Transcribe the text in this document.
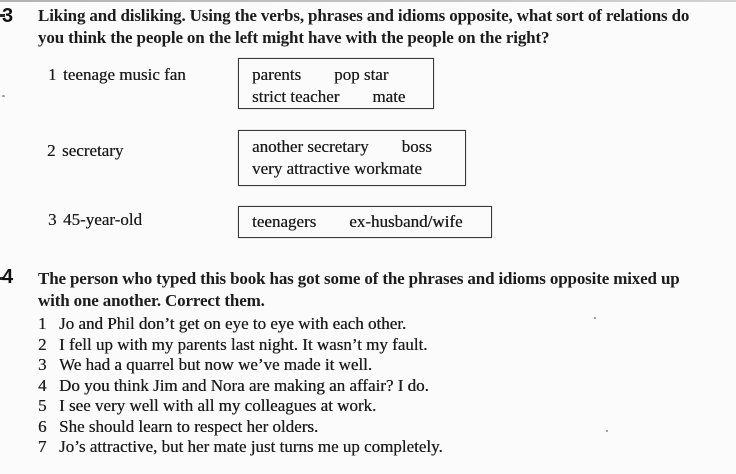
3 Liking and disliking. Using the verbs, phrases and idioms opposite, what sort of relations do
you think the people on the left might have with the people on the right?
1 teenage music fan	parents pop star
strict teacher mate
2 secretary	another secretary boss
very attractive workmate
3 45-year-old	teenagers ex-husband/wife
4 The person who typed this book has got some of the phrases and idioms opposite mixed up
with one another. Correct them.
1 Jo and Phil don’t get on eye to eye with each other.
2 I fell up with my parents last night. It wasn’t my fault.
3 We had a quarrel but now we’ve made it well.
4 Do you think Jim and Nora are making an affair? I do.
5 I see very well with all my colleagues at work.
6 She should learn to respect her olders.
7 Jo’s attractive, but her mate just turns me up completely.
